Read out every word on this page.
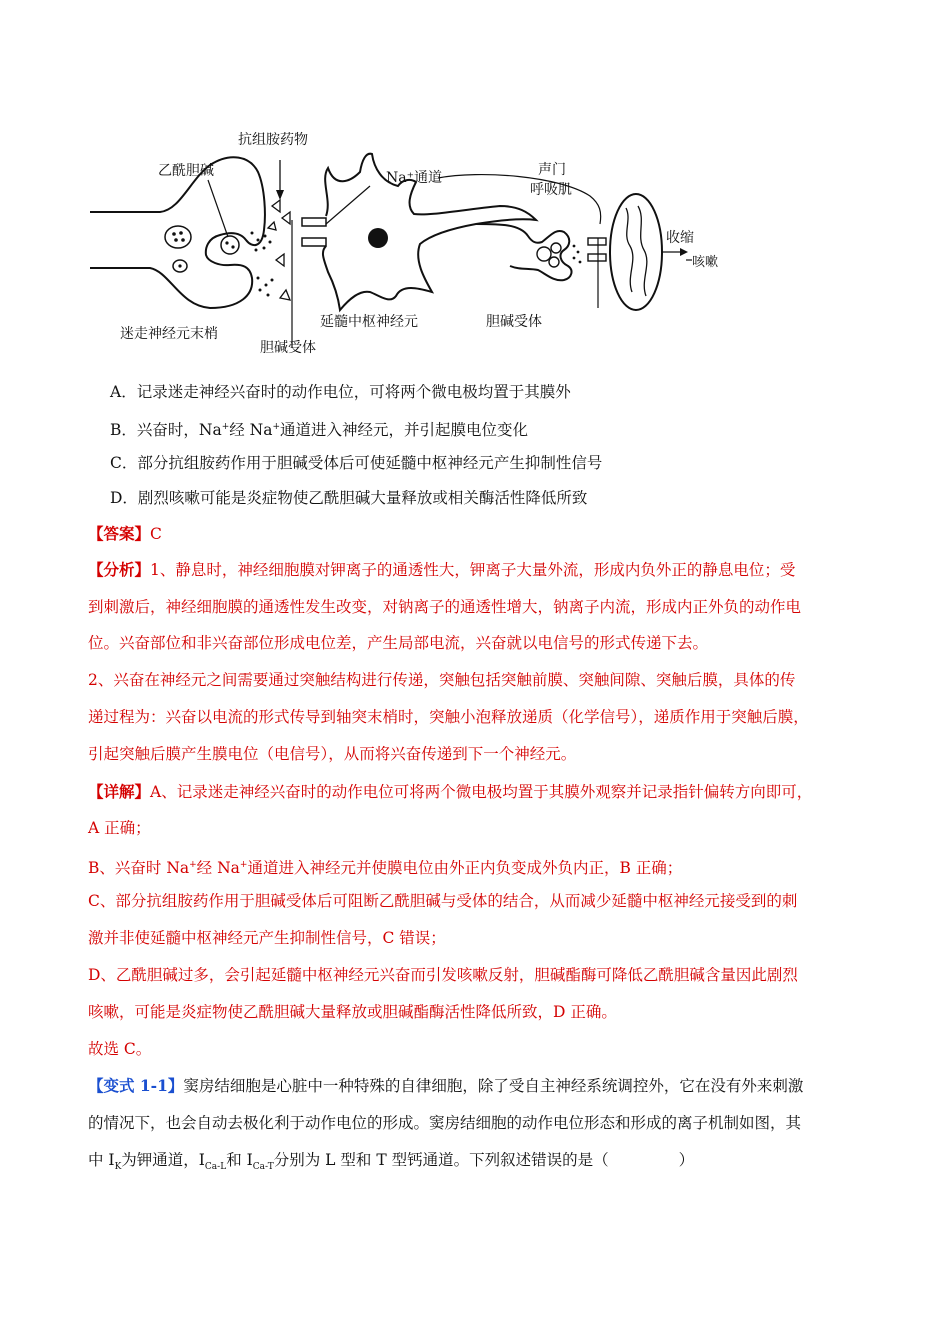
抗组胺药物
乙酰胆碱	Na⁺通道	声门
呼吸肌
收缩
咳嗽
迷走神经元末梢
延髓中枢神经元
胆碱受体
胆碱受体
A．记录迷走神经兴奋时的动作电位，可将两个微电极均置于其膜外
B．兴奋时，Na+经 Na+通道进入神经元，并引起膜电位变化
C．部分抗组胺药作用于胆碱受体后可使延髓中枢神经元产生抑制性信号
D．剧烈咳嗽可能是炎症物使乙酰胆碱大量释放或相关酶活性降低所致
【答案】C
【分析】1、静息时，神经细胞膜对钾离子的通透性大，钾离子大量外流，形成内负外正的静息电位；受
到刺激后，神经细胞膜的通透性发生改变，对钠离子的通透性增大，钠离子内流，形成内正外负的动作电
位。兴奋部位和非兴奋部位形成电位差，产生局部电流，兴奋就以电信号的形式传递下去。
2、兴奋在神经元之间需要通过突触结构进行传递，突触包括突触前膜、突触间隙、突触后膜，具体的传
递过程为：兴奋以电流的形式传导到轴突末梢时，突触小泡释放递质（化学信号），递质作用于突触后膜，
引起突触后膜产生膜电位（电信号），从而将兴奋传递到下一个神经元。
【详解】A、记录迷走神经兴奋时的动作电位可将两个微电极均置于其膜外观察并记录指针偏转方向即可，
A 正确；
B、兴奋时 Na+经 Na+通道进入神经元并使膜电位由外正内负变成外负内正，B 正确；
C、部分抗组胺药作用于胆碱受体后可阻断乙酰胆碱与受体的结合，从而减少延髓中枢神经元接受到的刺
激并非使延髓中枢神经元产生抑制性信号，C 错误；
D、乙酰胆碱过多，会引起延髓中枢神经元兴奋而引发咳嗽反射，胆碱酯酶可降低乙酰胆碱含量因此剧烈
咳嗽，可能是炎症物使乙酰胆碱大量释放或胆碱酯酶活性降低所致，D 正确。
故选 C。
【变式 1-1】窦房结细胞是心脏中一种特殊的自律细胞，除了受自主神经系统调控外，它在没有外来刺激
的情况下，也会自动去极化利于动作电位的形成。窦房结细胞的动作电位形态和形成的离子机制如图，其
中 $I_K$为钾通道，$I_{Ca-L}$和 $I_{Ca-T}$分别为 L 型和 T 型钙通道。下列叙述错误的是（	）
